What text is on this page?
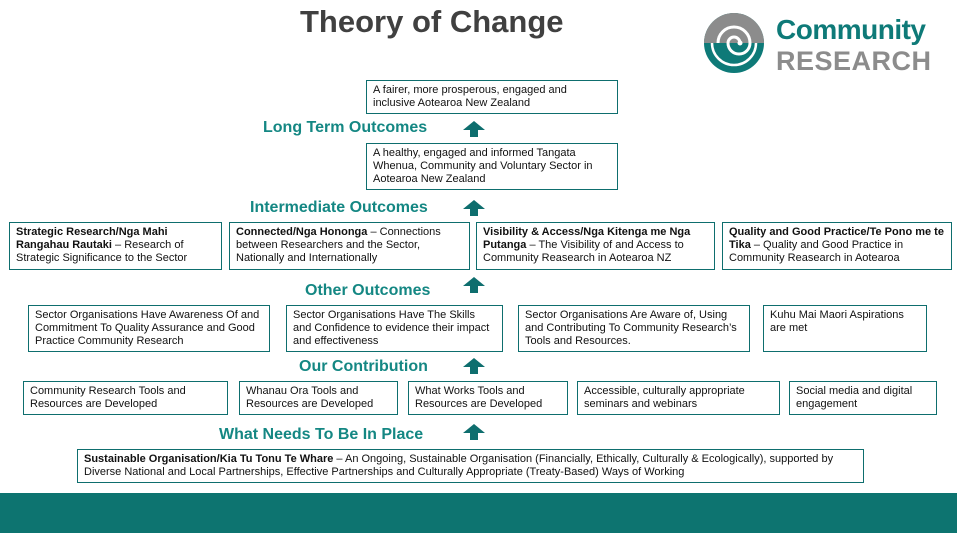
Theory of Change	Community
RESEARCH
A fairer, more prosperous, engaged and inclusive Aotearoa New Zealand
Long Term Outcomes
A healthy, engaged and informed Tangata Whenua, Community and Voluntary Sector in Aotearoa New Zealand
Intermediate Outcomes
Strategic Research/Nga Mahi Rangahau Rautaki – Research of Strategic Significance to the Sector
Connected/Nga Hononga – Connections between Researchers and the Sector, Nationally and Internationally
Visibility & Access/Nga Kitenga me Nga Putanga – The Visibility of and Access to Community Reasearch in Aotearoa NZ
Quality and Good Practice/Te Pono me te Tika – Quality and Good Practice in Community Reasearch in Aotearoa
Other Outcomes
Sector Organisations Have Awareness Of and Commitment To Quality Assurance and Good Practice Community Research
Sector Organisations Have The Skills and Confidence to evidence their impact and effectiveness
Sector Organisations Are Aware of, Using and Contributing To Community Research’s Tools and Resources.
Kuhu Mai Maori Aspirations are met
Our Contribution
Community Research Tools and Resources are Developed
Whanau Ora Tools and Resources are Developed
What Works Tools and Resources are Developed
Accessible, culturally appropriate seminars and webinars
Social media and digital engagement
What Needs To Be In Place
Sustainable Organisation/Kia Tu Tonu Te Whare – An Ongoing, Sustainable Organisation (Financially, Ethically, Culturally & Ecologically), supported by Diverse National and Local Partnerships, Effective Partnerships and Culturally Appropriate (Treaty-Based) Ways of Working
